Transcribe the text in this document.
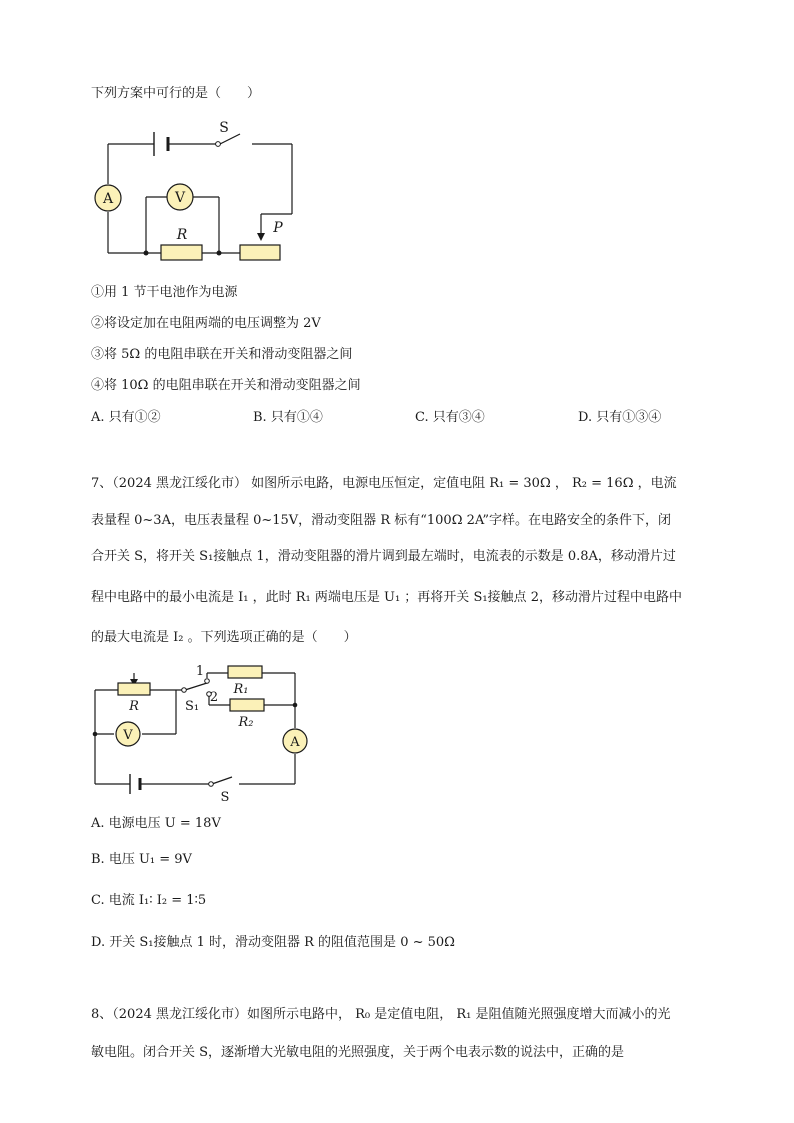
下列方案中可行的是（　　）
A	V
R	P
S
①用 1 节干电池作为电源
②将设定加在电阻两端的电压调整为 2V
③将 5Ω 的电阻串联在开关和滑动变阻器之间
④将 10Ω 的电阻串联在开关和滑动变阻器之间
A. 只有①②	B. 只有①④	C. 只有③④	D. 只有①③④
7、（2024 黑龙江绥化市） 如图所示电路，电源电压恒定，定值电阻 R₁ = 30Ω ， R₂ = 16Ω ，电流
表量程 0~3A，电压表量程 0~15V，滑动变阻器 R 标有“100Ω 2A”字样。在电路安全的条件下，闭
合开关 S，将开关 S₁接触点 1，滑动变阻器的滑片调到最左端时，电流表的示数是 0.8A，移动滑片过
程中电路中的最小电流是 I₁ ，此时 R₁ 两端电压是 U₁ ；再将开关 S₁接触点 2，移动滑片过程中电路中
的最大电流是 I₂ 。下列选项正确的是（　　）
R
R₁
R₂
V	A
1
2
S₁
S
A. 电源电压 U = 18V
B. 电压 U₁ = 9V
C. 电流 I₁∶ I₂ = 1∶5
D. 开关 S₁接触点 1 时，滑动变阻器 R 的阻值范围是 0 ~ 50Ω
8、（2024 黑龙江绥化市）如图所示电路中， R₀ 是定值电阻， R₁ 是阻值随光照强度增大而减小的光
敏电阻。闭合开关 S，逐渐增大光敏电阻的光照强度，关于两个电表示数的说法中，正确的是
